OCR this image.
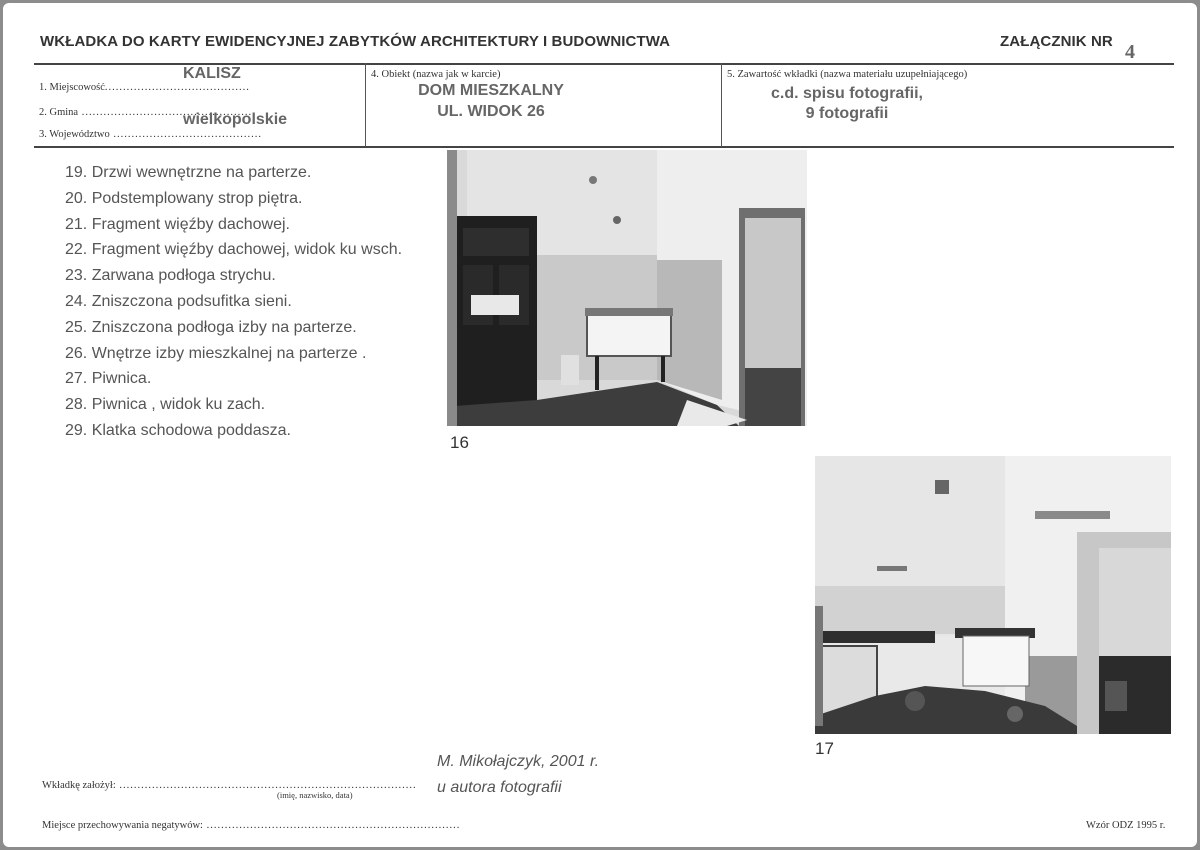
WKŁADKA DO KARTY EWIDENCYJNEJ ZABYTKÓW ARCHITEKTURY I BUDOWNICTWA	ZAŁĄCZNIK NR 4
1. Miejscowość........................................
2. Gmina ................................................
3. Województwo .........................................
KALISZ
wielkopolskie
4. Obiekt (nazwa jak w karcie)
DOM MIESZKALNY
UL. WIDOK 26
5. Zawartość wkładki (nazwa materiału uzupełniającego)
c.d. spisu fotografii,
9 fotografii
19. Drzwi wewnętrzne na parterze.
20. Podstemplowany strop piętra.
21. Fragment więźby dachowej.
22. Fragment więźby dachowej, widok ku wsch.
23. Zarwana podłoga strychu.
24. Zniszczona podsufitka sieni.
25. Zniszczona podłoga izby na parterze.
26. Wnętrze izby mieszkalnej na parterze .
27. Piwnica.
28. Piwnica , widok ku zach.
29. Klatka schodowa poddasza.
16
17
M. Mikołajczyk, 2001 r.
Wkładkę założył: ..................................................................................
(imię, nazwisko, data)	u autora fotografii
Miejsce przechowywania negatywów: ......................................................................	Wzór ODZ 1995 r.
